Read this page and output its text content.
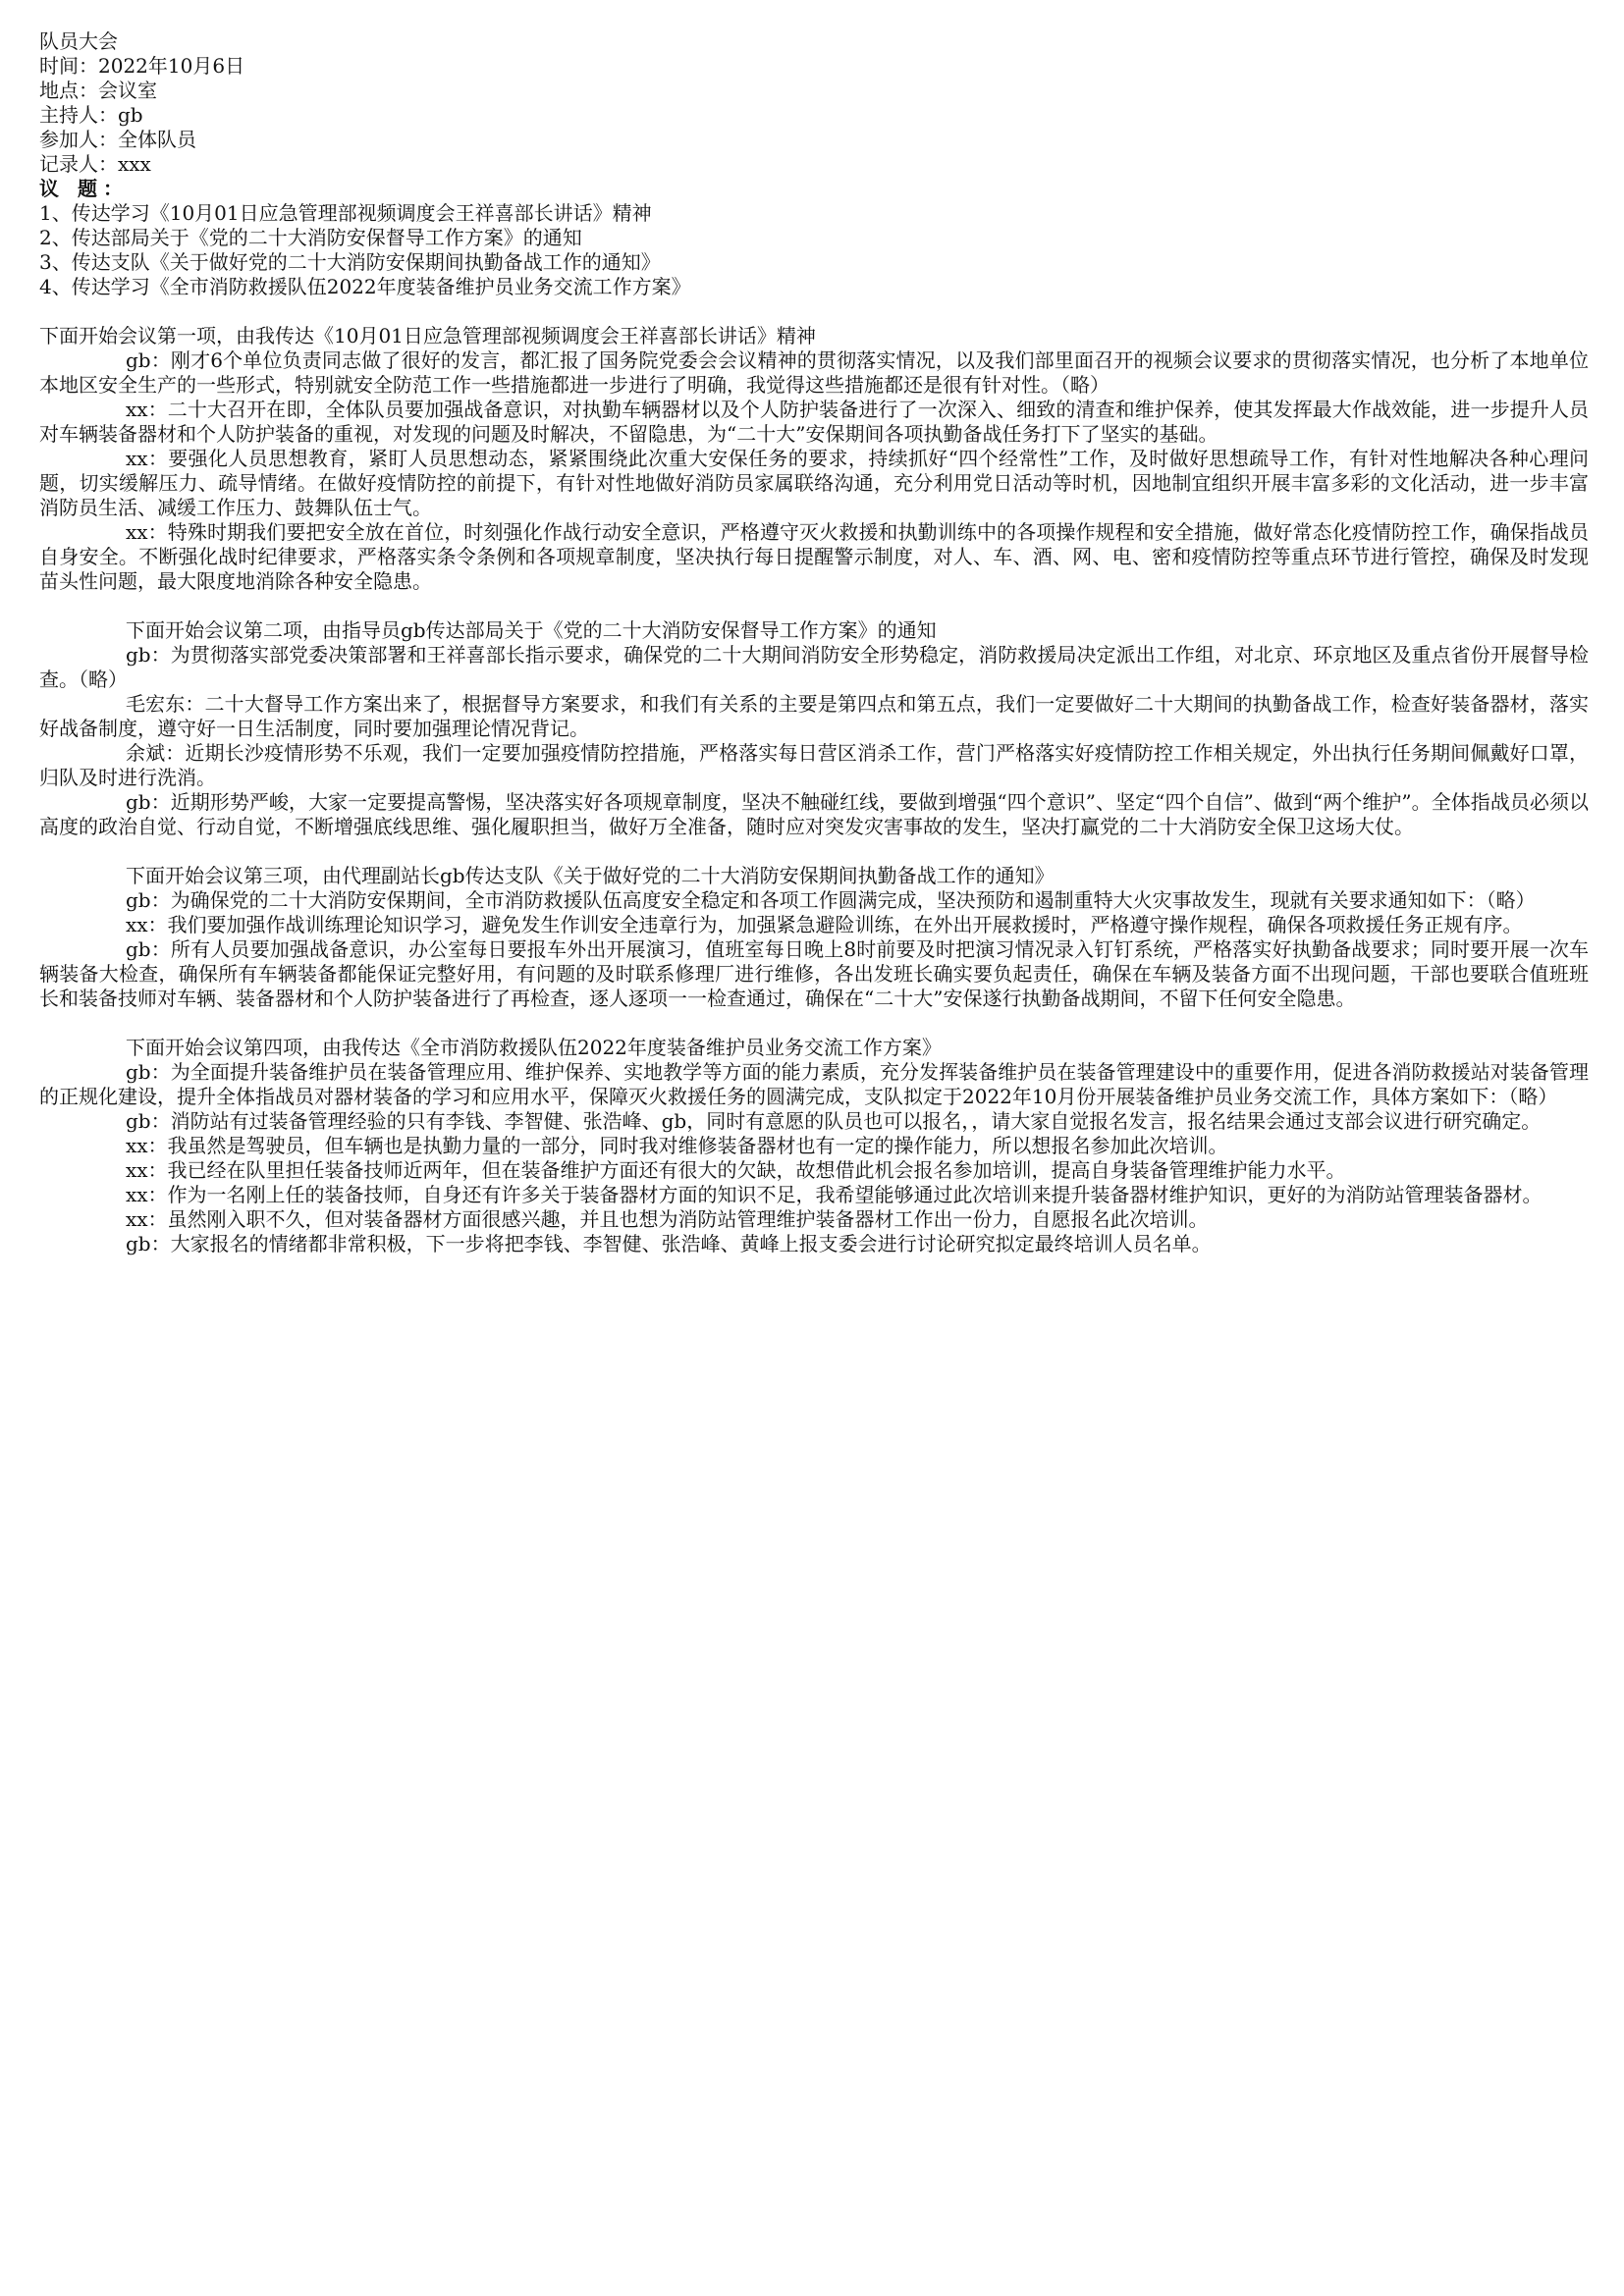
队员大会
时间：2022年10月6日
地点：会议室
主持人：gb
参加人：全体队员
记录人：xxx
议 题：
1、传达学习《10月01日应急管理部视频调度会王祥喜部长讲话》精神
2、传达部局关于《党的二十大消防安保督导工作方案》的通知
3、传达支队《关于做好党的二十大消防安保期间执勤备战工作的通知》
4、传达学习《全市消防救援队伍2022年度装备维护员业务交流工作方案》
下面开始会议第一项，由我传达《10月01日应急管理部视频调度会王祥喜部长讲话》精神

gb：刚才6个单位负责同志做了很好的发言，都汇报了国务院党委会会议精神的贯彻落实情况，以及我们部里面召开的视频会议要求的贯彻落实情况，也分析了本地单位本地区安全生产的一些形式，特别就安全防范工作一些措施都进一步进行了明确，我觉得这些措施都还是很有针对性。（略）

xx：二十大召开在即，全体队员要加强战备意识，对执勤车辆器材以及个人防护装备进行了一次深入、细致的清查和维护保养，使其发挥最大作战效能，进一步提升人员对车辆装备器材和个人防护装备的重视，对发现的问题及时解决，不留隐患，为“二十大”安保期间各项执勤备战任务打下了坚实的基础。

xx：要强化人员思想教育，紧盯人员思想动态，紧紧围绕此次重大安保任务的要求，持续抓好“四个经常性”工作，及时做好思想疏导工作，有针对性地解决各种心理问题，切实缓解压力、疏导情绪。在做好疫情防控的前提下，有针对性地做好消防员家属联络沟通，充分利用党日活动等时机，因地制宜组织开展丰富多彩的文化活动，进一步丰富消防员生活、减缓工作压力、鼓舞队伍士气。

xx：特殊时期我们要把安全放在首位，时刻强化作战行动安全意识，严格遵守灭火救援和执勤训练中的各项操作规程和安全措施，做好常态化疫情防控工作，确保指战员自身安全。不断强化战时纪律要求，严格落实条令条例和各项规章制度，坚决执行每日提醒警示制度，对人、车、酒、网、电、密和疫情防控等重点环节进行管控，确保及时发现苗头性问题，最大限度地消除各种安全隐患。

下面开始会议第二项，由指导员gb传达部局关于《党的二十大消防安保督导工作方案》的通知

gb：为贯彻落实部党委决策部署和王祥喜部长指示要求，确保党的二十大期间消防安全形势稳定，消防救援局决定派出工作组，对北京、环京地区及重点省份开展督导检查。（略）

毛宏东：二十大督导工作方案出来了，根据督导方案要求，和我们有关系的主要是第四点和第五点，我们一定要做好二十大期间的执勤备战工作，检查好装备器材，落实好战备制度，遵守好一日生活制度，同时要加强理论情况背记。

余斌：近期长沙疫情形势不乐观，我们一定要加强疫情防控措施，严格落实每日营区消杀工作，营门严格落实好疫情防控工作相关规定，外出执行任务期间佩戴好口罩，归队及时进行洗消。

gb：近期形势严峻，大家一定要提高警惕，坚决落实好各项规章制度，坚决不触碰红线，要做到增强“四个意识”、坚定“四个自信”、做到“两个维护”。全体指战员必须以高度的政治自觉、行动自觉，不断增强底线思维、强化履职担当，做好万全准备，随时应对突发灾害事故的发生，坚决打赢党的二十大消防安全保卫这场大仗。

下面开始会议第三项，由代理副站长gb传达支队《关于做好党的二十大消防安保期间执勤备战工作的通知》

gb：为确保党的二十大消防安保期间，全市消防救援队伍高度安全稳定和各项工作圆满完成，坚决预防和遏制重特大火灾事故发生，现就有关要求通知如下：（略）

xx：我们要加强作战训练理论知识学习，避免发生作训安全违章行为，加强紧急避险训练，在外出开展救援时，严格遵守操作规程，确保各项救援任务正规有序。

gb：所有人员要加强战备意识，办公室每日要报车外出开展演习，值班室每日晚上8时前要及时把演习情况录入钉钉系统，严格落实好执勤备战要求；同时要开展一次车辆装备大检查，确保所有车辆装备都能保证完整好用，有问题的及时联系修理厂进行维修，各出发班长确实要负起责任，确保在车辆及装备方面不出现问题，干部也要联合值班班长和装备技师对车辆、装备器材和个人防护装备进行了再检查，逐人逐项一一检查通过，确保在“二十大”安保遂行执勤备战期间，不留下任何安全隐患。

下面开始会议第四项，由我传达《全市消防救援队伍2022年度装备维护员业务交流工作方案》

gb：为全面提升装备维护员在装备管理应用、维护保养、实地教学等方面的能力素质，充分发挥装备维护员在装备管理建设中的重要作用，促进各消防救援站对装备管理的正规化建设，提升全体指战员对器材装备的学习和应用水平，保障灭火救援任务的圆满完成，支队拟定于2022年10月份开展装备维护员业务交流工作，具体方案如下：（略）

gb：消防站有过装备管理经验的只有李钱、李智健、张浩峰、gb，同时有意愿的队员也可以报名，，请大家自觉报名发言，报名结果会通过支部会议进行研究确定。

xx：我虽然是驾驶员，但车辆也是执勤力量的一部分，同时我对维修装备器材也有一定的操作能力，所以想报名参加此次培训。

xx：我已经在队里担任装备技师近两年，但在装备维护方面还有很大的欠缺，故想借此机会报名参加培训，提高自身装备管理维护能力水平。

xx：作为一名刚上任的装备技师，自身还有许多关于装备器材方面的知识不足，我希望能够通过此次培训来提升装备器材维护知识，更好的为消防站管理装备器材。

xx：虽然刚入职不久，但对装备器材方面很感兴趣，并且也想为消防站管理维护装备器材工作出一份力，自愿报名此次培训。

gb：大家报名的情绪都非常积极，下一步将把李钱、李智健、张浩峰、黄峰上报支委会进行讨论研究拟定最终培训人员名单。
